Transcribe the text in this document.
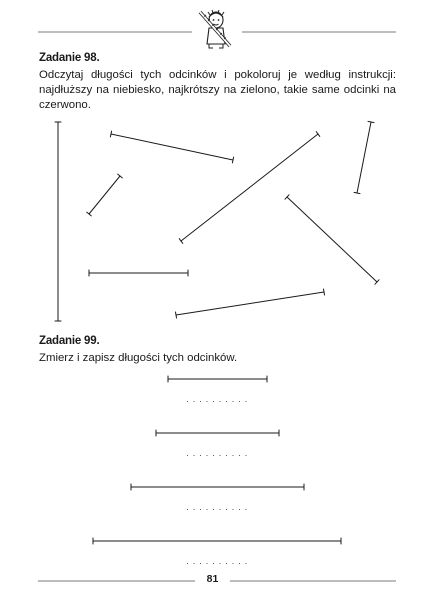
Zadanie 98.
Odczytaj długości tych odcinków i pokoloruj je według instrukcji: najdłuższy na niebiesko, najkrótszy na zielono, takie same odcinki na czerwono.
· · · · · · · · · ·
· · · · · · · · · ·
· · · · · · · · · ·
· · · · · · · · · ·
Zadanie 99.
Zmierz i zapisz długości tych odcinków.
81
